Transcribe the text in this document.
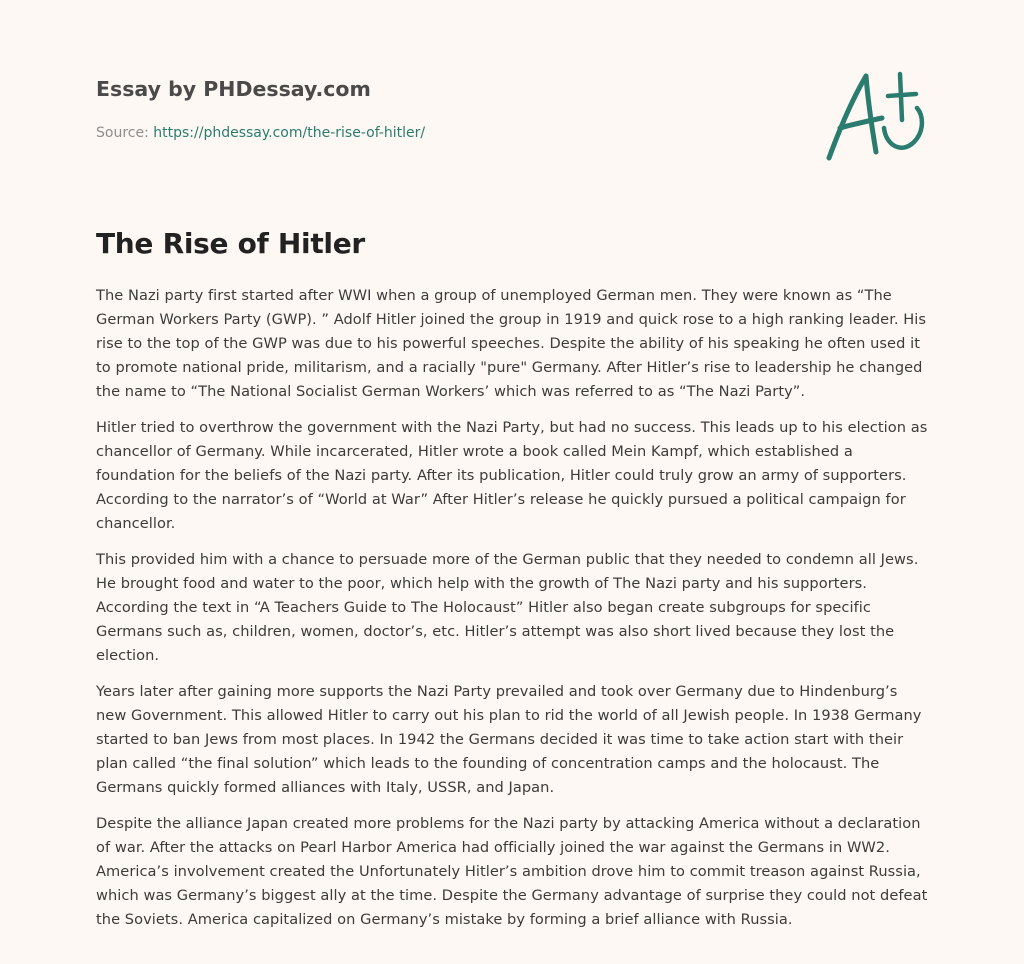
Essay by PHDessay.com
Source: https://phdessay.com/the-rise-of-hitler/
The Rise of Hitler

The Nazi party first started after WWI when a group of unemployed German men. They were known as “The German Workers Party (GWP). ” Adolf Hitler joined the group in 1919 and quick rose to a high ranking leader. His rise to the top of the GWP was due to his powerful speeches. Despite the ability of his speaking he often used it to promote national pride, militarism, and a racially "pure" Germany. After Hitler’s rise to leadership he changed the name to “The National Socialist German Workers’ which was referred to as “The Nazi Party”.

Hitler tried to overthrow the government with the Nazi Party, but had no success. This leads up to his election as chancellor of Germany. While incarcerated, Hitler wrote a book called Mein Kampf, which established a foundation for the beliefs of the Nazi party. After its publication, Hitler could truly grow an army of supporters. According to the narrator’s of “World at War” After Hitler’s release he quickly pursued a political campaign for chancellor.

This provided him with a chance to persuade more of the German public that they needed to condemn all Jews. He brought food and water to the poor, which help with the growth of The Nazi party and his supporters. According the text in “A Teachers Guide to The Holocaust” Hitler also began create subgroups for specific Germans such as, children, women, doctor’s, etc. Hitler’s attempt was also short lived because they lost the election.

Years later after gaining more supports the Nazi Party prevailed and took over Germany due to Hindenburg’s new Government. This allowed Hitler to carry out his plan to rid the world of all Jewish people. In 1938 Germany started to ban Jews from most places. In 1942 the Germans decided it was time to take action start with their plan called “the final solution” which leads to the founding of concentration camps and the holocaust. The Germans quickly formed alliances with Italy, USSR, and Japan.

Despite the alliance Japan created more problems for the Nazi party by attacking America without a declaration of war. After the attacks on Pearl Harbor America had officially joined the war against the Germans in WW2. America’s involvement created the Unfortunately Hitler’s ambition drove him to commit treason against Russia, which was Germany’s biggest ally at the time. Despite the Germany advantage of surprise they could not defeat the Soviets. America capitalized on Germany’s mistake by forming a brief alliance with Russia.
